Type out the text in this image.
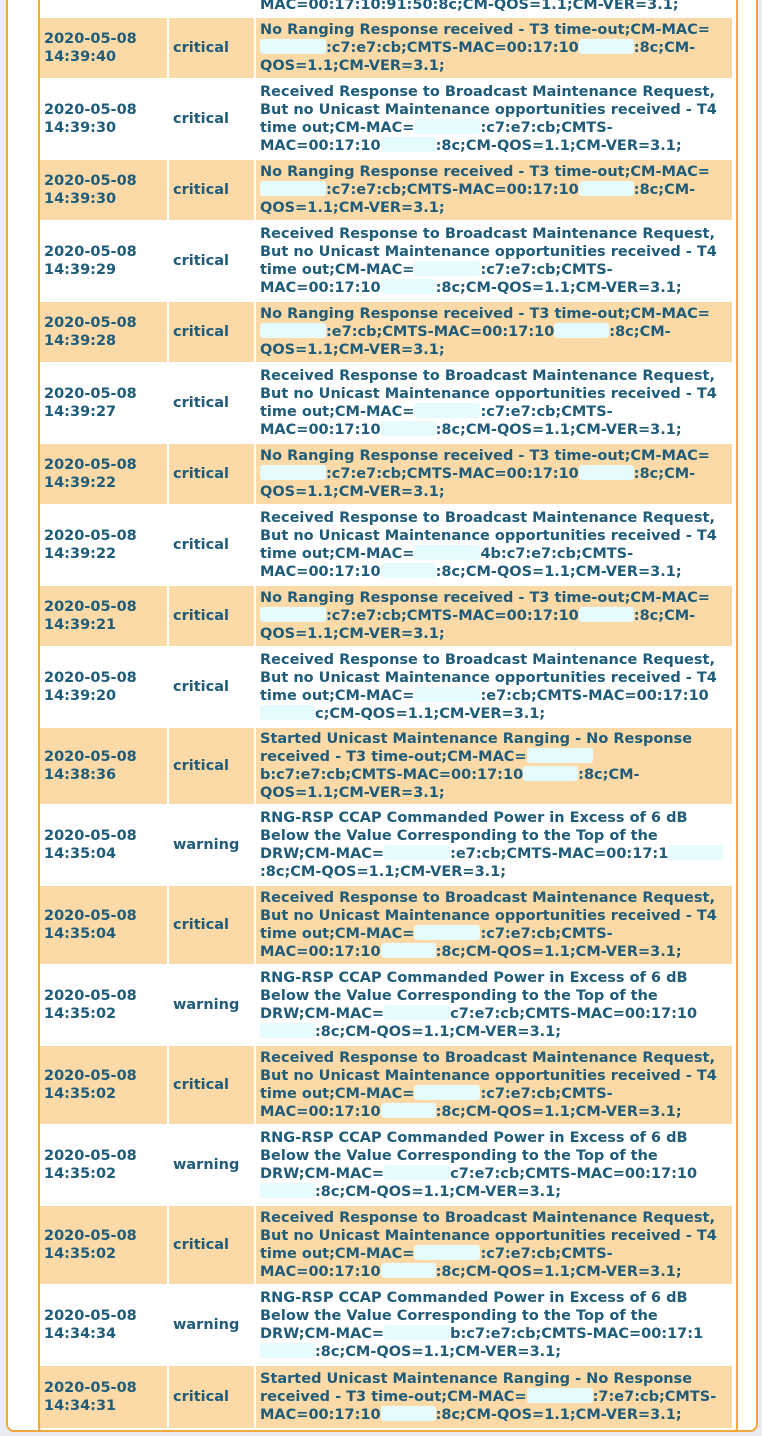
		MAC=00:17:10:91:50:8c;CM-QOS=1.1;CM-VER=3.1;

2020-05-08
14:39:40	critical	No Ranging Response received - T3 time-out;CM-MAC=:c7:e7:cb;CMTS-MAC=00:17:10 :8c;CM-QOS=1.1;CM-VER=3.1;

2020-05-08
14:39:30	critical	Received Response to Broadcast Maintenance Request, But no Unicast Maintenance opportunities received - T4 time out;CM-MAC= :c7:e7:cb;CMTS-MAC=00:17:10 :8c;CM-QOS=1.1;CM-VER=3.1;

2020-05-08
14:39:30	critical	No Ranging Response received - T3 time-out;CM-MAC=:c7:e7:cb;CMTS-MAC=00:17:10 :8c;CM-QOS=1.1;CM-VER=3.1;

2020-05-08
14:39:29	critical	Received Response to Broadcast Maintenance Request, But no Unicast Maintenance opportunities received - T4 time out;CM-MAC= :c7:e7:cb;CMTS-MAC=00:17:10 :8c;CM-QOS=1.1;CM-VER=3.1;

2020-05-08
14:39:28	critical	No Ranging Response received - T3 time-out;CM-MAC=:e7:cb;CMTS-MAC=00:17:10 :8c;CM-QOS=1.1;CM-VER=3.1;

2020-05-08
14:39:27	critical	Received Response to Broadcast Maintenance Request, But no Unicast Maintenance opportunities received - T4 time out;CM-MAC= :c7:e7:cb;CMTS-MAC=00:17:10 :8c;CM-QOS=1.1;CM-VER=3.1;

2020-05-08
14:39:22	critical	No Ranging Response received - T3 time-out;CM-MAC=:c7:e7:cb;CMTS-MAC=00:17:10 :8c;CM-QOS=1.1;CM-VER=3.1;

2020-05-08
14:39:22	critical	Received Response to Broadcast Maintenance Request, But no Unicast Maintenance opportunities received - T4 time out;CM-MAC= 4b:c7:e7:cb;CMTS-MAC=00:17:10 :8c;CM-QOS=1.1;CM-VER=3.1;

2020-05-08
14:39:21	critical	No Ranging Response received - T3 time-out;CM-MAC=:c7:e7:cb;CMTS-MAC=00:17:10 :8c;CM-QOS=1.1;CM-VER=3.1;

2020-05-08
14:39:20	critical	Received Response to Broadcast Maintenance Request, But no Unicast Maintenance opportunities received - T4 time out;CM-MAC= :e7:cb;CMTS-MAC=00:17:10c;CM-QOS=1.1;CM-VER=3.1;

2020-05-08
14:38:36	critical	Started Unicast Maintenance Ranging - No Response received - T3 time-out;CM-MAC=b:c7:e7:cb;CMTS-MAC=00:17:10 :8c;CM-QOS=1.1;CM-VER=3.1;

2020-05-08
14:35:04	warning	RNG-RSP CCAP Commanded Power in Excess of 6 dB Below the Value Corresponding to the Top of the DRW;CM-MAC= :e7:cb;CMTS-MAC=00:17:1:8c;CM-QOS=1.1;CM-VER=3.1;

2020-05-08
14:35:04	critical	Received Response to Broadcast Maintenance Request, But no Unicast Maintenance opportunities received - T4 time out;CM-MAC= :c7:e7:cb;CMTS-MAC=00:17:10 :8c;CM-QOS=1.1;CM-VER=3.1;

2020-05-08
14:35:02	warning	RNG-RSP CCAP Commanded Power in Excess of 6 dB Below the Value Corresponding to the Top of the DRW;CM-MAC= c7:e7:cb;CMTS-MAC=00:17:10:8c;CM-QOS=1.1;CM-VER=3.1;

2020-05-08
14:35:02	critical	Received Response to Broadcast Maintenance Request, But no Unicast Maintenance opportunities received - T4 time out;CM-MAC= :c7:e7:cb;CMTS-MAC=00:17:10 :8c;CM-QOS=1.1;CM-VER=3.1;

2020-05-08
14:35:02	warning	RNG-RSP CCAP Commanded Power in Excess of 6 dB Below the Value Corresponding to the Top of the DRW;CM-MAC= c7:e7:cb;CMTS-MAC=00:17:10:8c;CM-QOS=1.1;CM-VER=3.1;

2020-05-08
14:35:02	critical	Received Response to Broadcast Maintenance Request, But no Unicast Maintenance opportunities received - T4 time out;CM-MAC= :c7:e7:cb;CMTS-MAC=00:17:10 :8c;CM-QOS=1.1;CM-VER=3.1;

2020-05-08
14:34:34	warning	RNG-RSP CCAP Commanded Power in Excess of 6 dB Below the Value Corresponding to the Top of the DRW;CM-MAC= b:c7:e7:cb;CMTS-MAC=00:17:1:8c;CM-QOS=1.1;CM-VER=3.1;

2020-05-08
14:34:31	critical	Started Unicast Maintenance Ranging - No Response received - T3 time-out;CM-MAC= :7:e7:cb;CMTS-MAC=00:17:10 :8c;CM-QOS=1.1;CM-VER=3.1;
